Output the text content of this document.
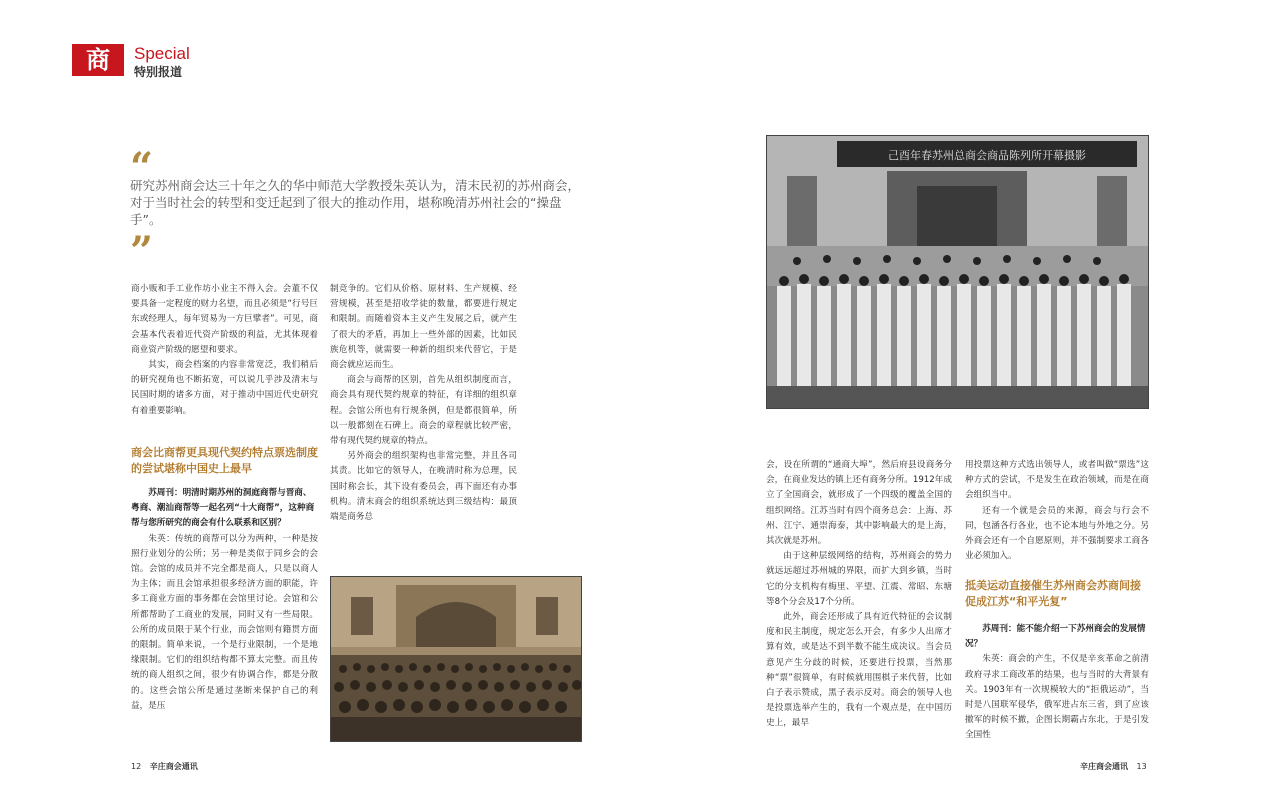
商	Special
特别报道
“
研究苏州商会达三十年之久的华中师范大学教授朱英认为，清末民初的苏州商会，对于当时社会的转型和变迁起到了很大的推动作用，堪称晚清苏州社会的“操盘手”。
”

商小贩和手工业作坊小业主不得入会。会董不仅要具备一定程度的财力名望，而且必须是“行号巨东或经理人，每年贸易为一方巨擘者”。可见，商会基本代表着近代资产阶级的利益，尤其体现着商业资产阶级的愿望和要求。

其实，商会档案的内容非常宽泛，我们稍后的研究视角也不断拓宽，可以说几乎涉及清末与民国时期的诸多方面，对于推动中国近代史研究有着重要影响。

商会比商帮更具现代契约特点票选制度的尝试堪称中国史上最早
苏周刊：明清时期苏州的洞庭商帮与晋商、粤商、潮汕商帮等一起名列“十大商帮”，这种商帮与您所研究的商会有什么联系和区别？
朱英：传统的商帮可以分为两种，一种是按照行业划分的公所；另一种是类似于同乡会的会馆。会馆的成员并不完全都是商人，只是以商人为主体；而且会馆承担很多经济方面的职能，许多工商业方面的事务都在会馆里讨论。会馆和公所都帮助了工商业的发展，同时又有一些局限。公所的成员限于某个行业，而会馆则有籍贯方面的限制。简单来说，一个是行业限制，一个是地缘限制。它们的组织结构都不算太完整。而且传统的商人组织之间，很少有协调合作，都是分散的。这些会馆公所是通过垄断来保护自己的利益，是压

制竞争的。它们从价格、原材料、生产规模、经营规模，甚至是招收学徒的数量，都要进行规定和限制。而随着资本主义产生发展之后，就产生了很大的矛盾，再加上一些外部的因素，比如民族危机等，就需要一种新的组织来代替它，于是商会就应运而生。

商会与商帮的区别，首先从组织制度而言，商会具有现代契约规章的特征，有详细的组织章程。会馆公所也有行规条例，但是都很简单，所以一般都刻在石碑上。商会的章程就比较严密，带有现代契约规章的特点。

另外商会的组织架构也非常完整，并且各司其责。比如它的领导人，在晚清时称为总理，民国时称会长，其下设有委员会，再下面还有办事机构。清末商会的组织系统达到三级结构：最顶端是商务总

己酉年春苏州总商会商品陈列所开幕摄影

会，设在所谓的“通商大埠”，然后府县设商务分会，在商业发达的镇上还有商务分所。1912年成立了全国商会，就形成了一个四级的覆盖全国的组织网络。江苏当时有四个商务总会：上海、苏州、江宁、通崇海泰，其中影响最大的是上海，其次就是苏州。

由于这种层级网络的结构，苏州商会的势力就远远超过苏州城的界限，而扩大到乡镇，当时它的分支机构有梅里、平望、江震、常昭、东塘等8个分会及17个分所。

此外，商会还形成了具有近代特征的会议制度和民主制度，规定怎么开会，有多少人出席才算有效，或是达不到半数不能生成决议。当会员意见产生分歧的时候，还要进行投票，当然那种“票”很简单，有时候就用围棋子来代替，比如白子表示赞成，黑子表示反对。商会的领导人也是投票选举产生的，我有一个观点是，在中国历史上，最早

用投票这种方式选出领导人，或者叫做“票选”这种方式的尝试，不是发生在政治领域，而是在商会组织当中。

还有一个就是会员的来源，商会与行会不同，包涵各行各业，也不论本地与外地之分。另外商会还有一个自愿原则，并不强制要求工商各业必须加入。

抵美运动直接催生苏州商会苏商间接促成江苏“和平光复”
苏周刊：能不能介绍一下苏州商会的发展情况？
朱英：商会的产生，不仅是辛亥革命之前清政府寻求工商改革的结果，也与当时的大背景有关。1903年有一次规模较大的“拒俄运动”，当时是八国联军侵华，俄军进占东三省，到了应该撤军的时候不撤，企图长期霸占东北，于是引发全国性
12 辛庄商会通讯	辛庄商会通讯 13
